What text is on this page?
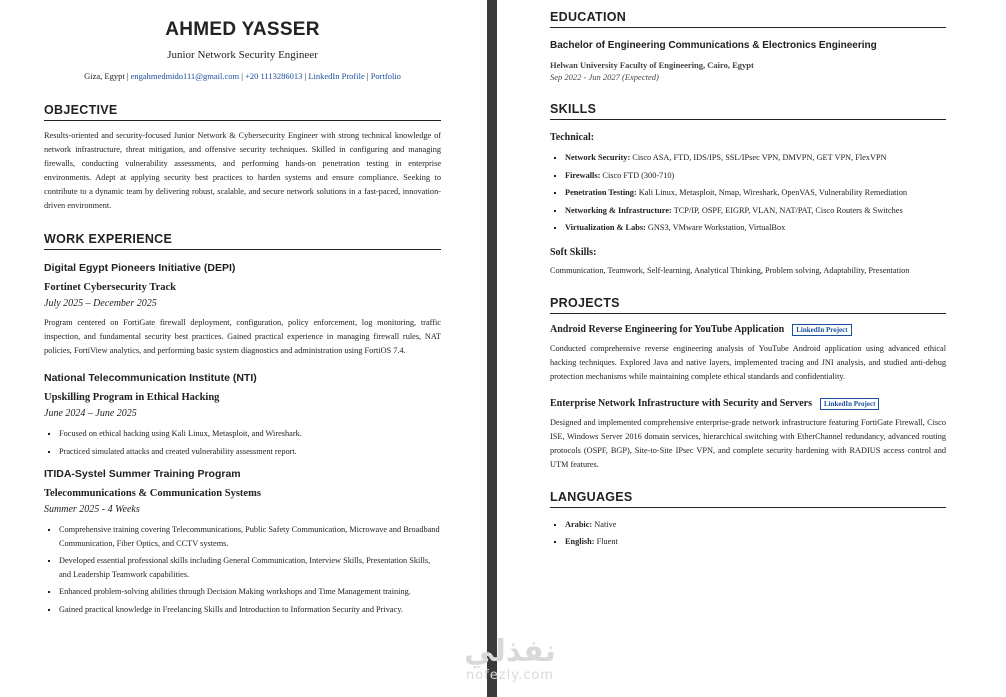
AHMED YASSER
Junior Network Security Engineer
Giza, Egypt | engahmedmido111@gmail.com | +20 1113286013 | LinkedIn Profile | Portfolio
OBJECTIVE
Results-oriented and security-focused Junior Network & Cybersecurity Engineer with strong technical knowledge of network infrastructure, threat mitigation, and offensive security techniques. Skilled in configuring and managing firewalls, conducting vulnerability assessments, and performing hands-on penetration testing in enterprise environments. Adept at applying security best practices to harden systems and ensure compliance. Seeking to contribute to a dynamic team by delivering robust, scalable, and secure network solutions in a fast-paced, innovation-driven environment.
WORK EXPERIENCE
Digital Egypt Pioneers Initiative (DEPI)
Fortinet Cybersecurity Track
July 2025 – December 2025
Program centered on FortiGate firewall deployment, configuration, policy enforcement, log monitoring, traffic inspection, and fundamental security best practices. Gained practical experience in managing firewall rules, NAT policies, FortiView analytics, and performing basic system diagnostics and administration using FortiOS 7.4.
National Telecommunication Institute (NTI)
Upskilling Program in Ethical Hacking
June 2024 – June 2025
▪ Focused on ethical hacking using Kali Linux, Metasploit, and Wireshark.
▪ Practiced simulated attacks and created vulnerability assessment report.
ITIDA-Systel Summer Training Program
Telecommunications & Communication Systems
Summer 2025 - 4 Weeks
▪ Comprehensive training covering Telecommunications, Public Safety Communication, Microwave and Broadband Communication, Fiber Optics, and CCTV systems.
▪ Developed essential professional skills including General Communication, Interview Skills, Presentation Skills, and Leadership Teamwork capabilities.
▪ Enhanced problem-solving abilities through Decision Making workshops and Time Management training.
▪ Gained practical knowledge in Freelancing Skills and Introduction to Information Security and Privacy.
EDUCATION
Bachelor of Engineering Communications & Electronics Engineering
Helwan University Faculty of Engineering, Cairo, Egypt
Sep 2022 - Jun 2027 (Expected)
SKILLS
Technical:
▪ Network Security: Cisco ASA, FTD, IDS/IPS, SSL/IPsec VPN, DMVPN, GET VPN, FlexVPN
▪ Firewalls: Cisco FTD (300-710)
▪ Penetration Testing: Kali Linux, Metasploit, Nmap, Wireshark, OpenVAS, Vulnerability Remediation
▪ Networking & Infrastructure: TCP/IP, OSPF, EIGRP, VLAN, NAT/PAT, Cisco Routers & Switches
▪ Virtualization & Labs: GNS3, VMware Workstation, VirtualBox
Soft Skills:
Communication, Teamwork, Self-learning, Analytical Thinking, Problem solving, Adaptability, Presentation
PROJECTS
Android Reverse Engineering for YouTube Application	LinkedIn Project
Conducted comprehensive reverse engineering analysis of YouTube Android application using advanced ethical hacking techniques. Explored Java and native layers, implemented tracing and JNI analysis, and studied anti-debug protection mechanisms while maintaining complete ethical standards and confidentiality.
Enterprise Network Infrastructure with Security and Servers	LinkedIn Project
Designed and implemented comprehensive enterprise-grade network infrastructure featuring FortiGate Firewall, Cisco ISE, Windows Server 2016 domain services, hierarchical switching with EtherChannel redundancy, advanced routing protocols (OSPF, BGP), Site-to-Site IPsec VPN, and complete security hardening with RADIUS access control and UTM features.
LANGUAGES
▪ Arabic: Native
▪ English: Fluent
نفذلي
nofezly.com
